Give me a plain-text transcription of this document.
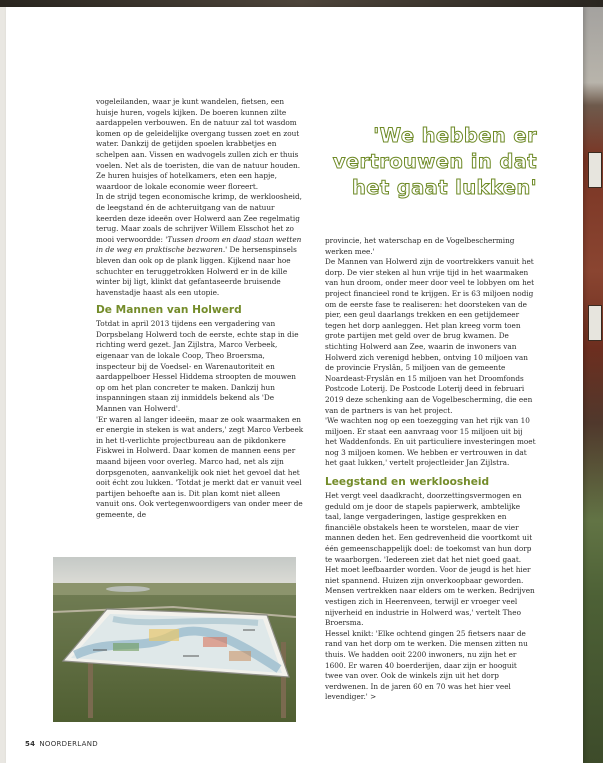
vogeleilanden, waar je kunt wandelen, fietsen, een huisje huren, vogels kijken. De boeren kunnen zilte aardappelen verbouwen. En de natuur zal tot wasdom komen op de geleidelijke overgang tussen zoet en zout water. Dankzij de getijden spoelen krabbetjes en schelpen aan. Vissen en wadvogels zullen zich er thuis voelen. Net als de toeristen, die van de natuur houden. Ze huren huisjes of hotelkamers, eten een hapje, waardoor de lokale economie weer floreert.

In de strijd tegen economische krimp, de werkloosheid, de leegstand én de achteruitgang van de natuur keerden deze ideeën over Holwerd aan Zee regelmatig terug. Maar zoals de schrijver Willem Elsschot het zo mooi verwoordde: 'Tussen droom en daad staan wetten in de weg en praktische bezwaren.' De hersenspinsels bleven dan ook op de plank liggen. Kijkend naar hoe schuchter en teruggetrokken Holwerd er in de kille winter bij ligt, klinkt dat gefantaseerde bruisende havenstadje haast als een utopie.

De Mannen van Holwerd

Totdat in april 2013 tijdens een vergadering van Dorpsbelang Holwerd toch de eerste, echte stap in die richting werd gezet. Jan Zijlstra, Marco Verbeek, eigenaar van de lokale Coop, Theo Broersma, inspecteur bij de Voedsel- en Warenautoriteit en aardappelboer Hessel Hiddema stroopten de mouwen op om het plan concreter te maken. Dankzij hun inspanningen staan zij inmiddels bekend als 'De Mannen van Holwerd'.

'Er waren al langer ideeën, maar ze ook waarmaken en er energie in steken is wat anders,' zegt Marco Verbeek in het tl-verlichte projectbureau aan de pikdonkere Fiskwei in Holwerd. Daar komen de mannen eens per maand bijeen voor overleg. Marco had, net als zijn dorpsgenoten, aanvankelijk ook niet het gevoel dat het ooit écht zou lukken. 'Totdat je merkt dat er vanuit veel partijen behoefte aan is. Dit plan komt niet alleen vanuit ons. Ook vertegenwoordigers van onder meer de gemeente, de

'We hebben er
vertrouwen in dat
het gaat lukken'

provincie, het waterschap en de Vogelbescherming werken mee.'

De Mannen van Holwerd zijn de voortrekkers vanuit het dorp. De vier steken al hun vrije tijd in het waarmaken van hun droom, onder meer door veel te lobbyen om het project financieel rond te krijgen. Er is 63 miljoen nodig om de eerste fase te realiseren: het doorsteken van de pier, een geul daarlangs trekken en een getijdemeer tegen het dorp aanleggen. Het plan kreeg vorm toen grote partijen met geld over de brug kwamen. De stichting Holwerd aan Zee, waarin de inwoners van Holwerd zich verenigd hebben, ontving 10 miljoen van de provincie Fryslân, 5 miljoen van de gemeente Noardeast-Fryslân en 15 miljoen van het Droomfonds Postcode Loterij. De Postcode Loterij deed in februari 2019 deze schenking aan de Vogelbescherming, die een van de partners is van het project.

'We wachten nog op een toezegging van het rijk van 10 miljoen. Er staat een aanvraag voor 15 miljoen uit bij het Waddenfonds. En uit particuliere investeringen moet nog 3 miljoen komen. We hebben er vertrouwen in dat het gaat lukken,' vertelt projectleider Jan Zijlstra.

Leegstand en werkloosheid

Het vergt veel daadkracht, doorzettingsvermogen en geduld om je door de stapels papierwerk, ambtelijke taal, lange vergaderingen, lastige gesprekken en financiële obstakels heen te worstelen, maar de vier mannen deden het. Een gedrevenheid die voortkomt uit één gemeenschappelijk doel: de toekomst van hun dorp te waarborgen. 'Iedereen ziet dat het niet goed gaat. Het moet leefbaarder worden. Voor de jeugd is het hier niet spannend. Huizen zijn onverkoopbaar geworden. Mensen vertrekken naar elders om te werken. Bedrijven vestigen zich in Heerenveen, terwijl er vroeger veel nijverheid en industrie in Holwerd was,' vertelt Theo Broersma.

Hessel knikt: 'Elke ochtend gingen 25 fietsers naar de rand van het dorp om te werken. Die mensen zitten nu thuis. We hadden ooit 2200 inwoners, nu zijn het er 1600. Er waren 40 boerderijen, daar zijn er hooguit twee van over. Ook de winkels zijn uit het dorp verdwenen. In de jaren 60 en 70 was het hier veel levendiger.' >

54 NOORDERLAND
